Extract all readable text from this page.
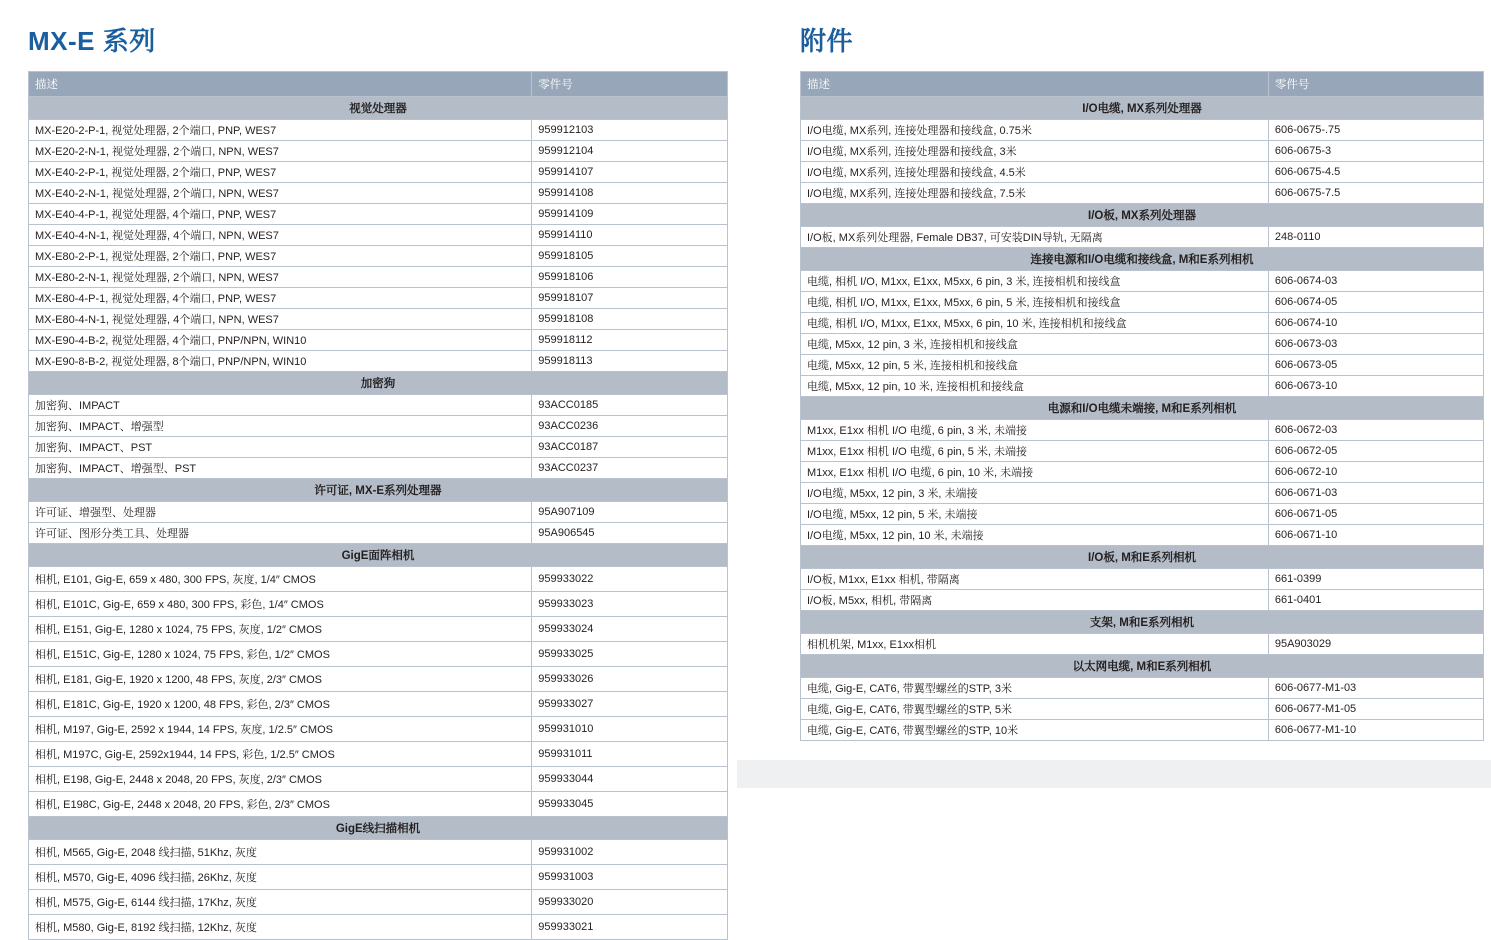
MX-E 系列
描述	零件号
视觉处理器	
MX-E20-2-P-1, 视觉处理器, 2个端口, PNP, WES7	959912103
MX-E20-2-N-1, 视觉处理器, 2个端口, NPN, WES7	959912104
MX-E40-2-P-1, 视觉处理器, 2个端口, PNP, WES7	959914107
MX-E40-2-N-1, 视觉处理器, 2个端口, NPN, WES7	959914108
MX-E40-4-P-1, 视觉处理器, 4个端口, PNP, WES7	959914109
MX-E40-4-N-1, 视觉处理器, 4个端口, NPN, WES7	959914110
MX-E80-2-P-1, 视觉处理器, 2个端口, PNP, WES7	959918105
MX-E80-2-N-1, 视觉处理器, 2个端口, NPN, WES7	959918106
MX-E80-4-P-1, 视觉处理器, 4个端口, PNP, WES7	959918107
MX-E80-4-N-1, 视觉处理器, 4个端口, NPN, WES7	959918108
MX-E90-4-B-2, 视觉处理器, 4个端口, PNP/NPN, WIN10	959918112
MX-E90-8-B-2, 视觉处理器, 8个端口, PNP/NPN, WIN10	959918113
加密狗	
加密狗、IMPACT	93ACC0185
加密狗、IMPACT、增强型	93ACC0236
加密狗、IMPACT、PST	93ACC0187
加密狗、IMPACT、增强型、PST	93ACC0237
许可证, MX-E系列处理器	
许可证、增强型、处理器	95A907109
许可证、图形分类工具、处理器	95A906545
GigE面阵相机	
相机, E101, Gig-E, 659 x 480, 300 FPS, 灰度, 1/4″ CMOS	959933022
相机, E101C, Gig-E, 659 x 480, 300 FPS, 彩色, 1/4″ CMOS	959933023
相机, E151, Gig-E, 1280 x 1024, 75 FPS, 灰度, 1/2″ CMOS	959933024
相机, E151C, Gig-E, 1280 x 1024, 75 FPS, 彩色, 1/2″ CMOS	959933025
相机, E181, Gig-E, 1920 x 1200, 48 FPS, 灰度, 2/3″ CMOS	959933026
相机, E181C, Gig-E, 1920 x 1200, 48 FPS, 彩色, 2/3″ CMOS	959933027
相机, M197, Gig-E, 2592 x 1944, 14 FPS, 灰度, 1/2.5″ CMOS	959931010
相机, M197C, Gig-E, 2592x1944, 14 FPS, 彩色, 1/2.5″ CMOS	959931011
相机, E198, Gig-E, 2448 x 2048, 20 FPS, 灰度, 2/3″ CMOS	959933044
相机, E198C, Gig-E, 2448 x 2048, 20 FPS, 彩色, 2/3″ CMOS	959933045
GigE线扫描相机	
相机, M565, Gig-E, 2048 线扫描, 51Khz, 灰度	959931002
相机, M570, Gig-E, 4096 线扫描, 26Khz, 灰度	959931003
相机, M575, Gig-E, 6144 线扫描, 17Khz, 灰度	959933020
相机, M580, Gig-E, 8192 线扫描, 12Khz, 灰度	959933021
附件
描述	零件号
I/O电缆, MX系列处理器	
I/O电缆, MX系列, 连接处理器和接线盒, 0.75米	606-0675-.75
I/O电缆, MX系列, 连接处理器和接线盒, 3米	606-0675-3
I/O电缆, MX系列, 连接处理器和接线盒, 4.5米	606-0675-4.5
I/O电缆, MX系列, 连接处理器和接线盒, 7.5米	606-0675-7.5
I/O板, MX系列处理器	
I/O板, MX系列处理器, Female DB37, 可安装DIN导轨, 无隔离	248-0110
连接电源和I/O电缆和接线盒, M和E系列相机	
电缆, 相机 I/O, M1xx, E1xx, M5xx, 6 pin, 3 米, 连接相机和接线盒	606-0674-03
电缆, 相机 I/O, M1xx, E1xx, M5xx, 6 pin, 5 米, 连接相机和接线盒	606-0674-05
电缆, 相机 I/O, M1xx, E1xx, M5xx, 6 pin, 10 米, 连接相机和接线盒	606-0674-10
电缆, M5xx, 12 pin, 3 米, 连接相机和接线盒	606-0673-03
电缆, M5xx, 12 pin, 5 米, 连接相机和接线盒	606-0673-05
电缆, M5xx, 12 pin, 10 米, 连接相机和接线盒	606-0673-10
电源和I/O电缆未端接, M和E系列相机	
M1xx, E1xx 相机 I/O 电缆, 6 pin, 3 米, 未端接	606-0672-03
M1xx, E1xx 相机 I/O 电缆, 6 pin, 5 米, 未端接	606-0672-05
M1xx, E1xx 相机 I/O 电缆, 6 pin, 10 米, 未端接	606-0672-10
I/O电缆, M5xx, 12 pin, 3 米, 未端接	606-0671-03
I/O电缆, M5xx, 12 pin, 5 米, 未端接	606-0671-05
I/O电缆, M5xx, 12 pin, 10 米, 未端接	606-0671-10
I/O板, M和E系列相机	
I/O板, M1xx, E1xx 相机, 带隔离	661-0399
I/O板, M5xx, 相机, 带隔离	661-0401
支架, M和E系列相机	
相机机架, M1xx, E1xx相机	95A903029
以太网电缆, M和E系列相机	
电缆, Gig-E, CAT6, 带翼型螺丝的STP, 3米	606-0677-M1-03
电缆, Gig-E, CAT6, 带翼型螺丝的STP, 5米	606-0677-M1-05
电缆, Gig-E, CAT6, 带翼型螺丝的STP, 10米	606-0677-M1-10
